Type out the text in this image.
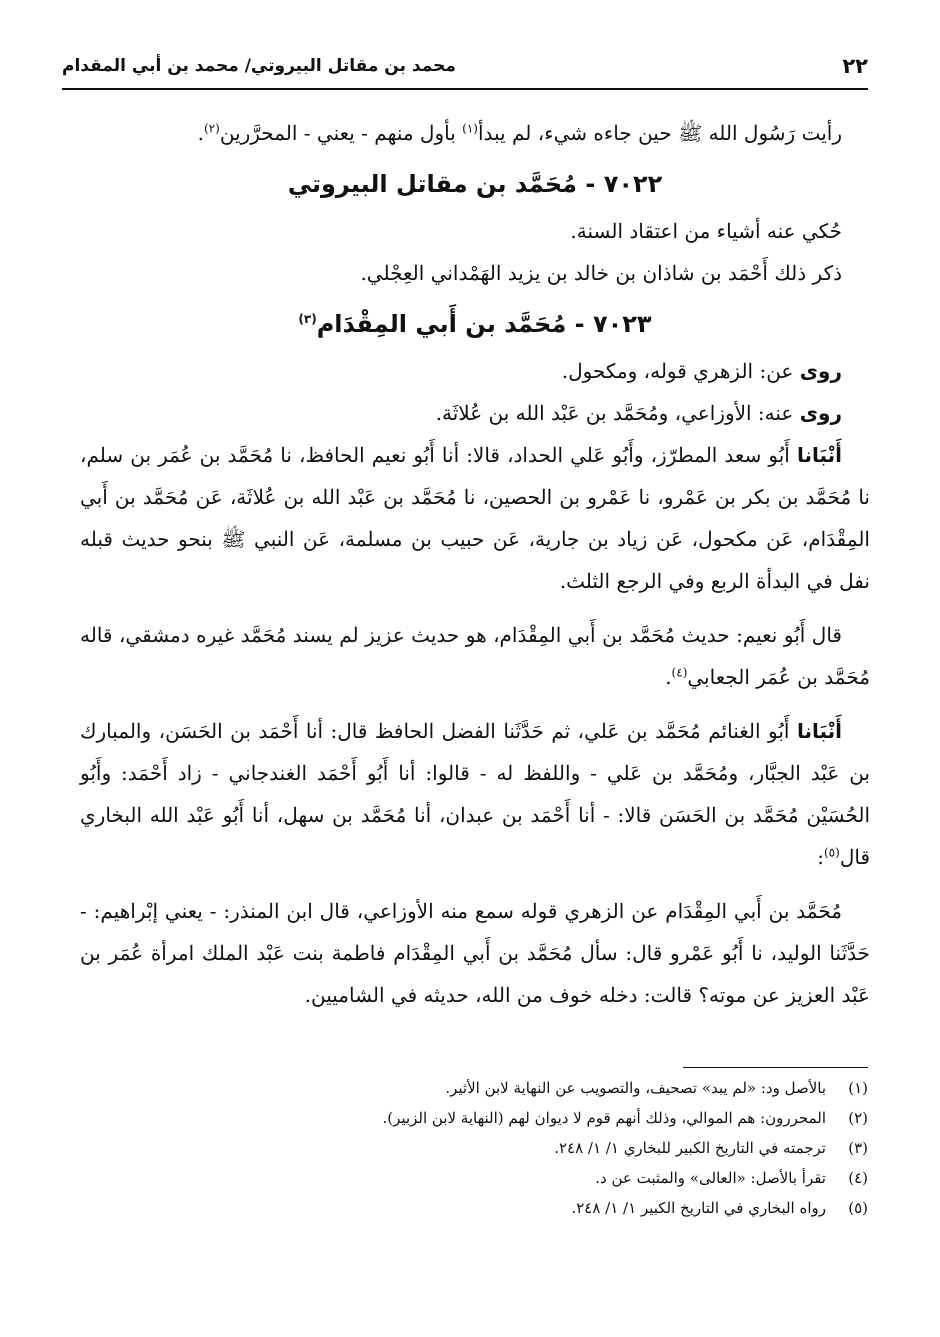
٢٢
محمد بن مقاتل البيروتي/ محمد بن أبي المقدام

رأيت رَسُول الله ﷺ حين جاءه شيء، لم يبدأ$^{(١)}$ بأول منهم - يعني - المحرَّرين$^{(٢)}$.

٧٠٢٢ - مُحَمَّد بن مقاتل البيروتي

حُكي عنه أشياء من اعتقاد السنة.

ذكر ذلك أَحْمَد بن شاذان بن خالد بن يزيد الهَمْداني العِجْلي.

٧٠٢٣ - مُحَمَّد بن أَبي المِقْدَام$^{(٣)}$

روى عن: الزهري قوله، ومكحول.

روى عنه: الأوزاعي، ومُحَمَّد بن عَبْد الله بن عُلاثَة.

أَنْبَانا أَبُو سعد المطرّز، وأَبُو عَلي الحداد، قالا: أنا أَبُو نعيم الحافظ، نا مُحَمَّد بن عُمَر بن سلم، نا مُحَمَّد بن بكر بن عَمْرو، نا عَمْرو بن الحصين، نا مُحَمَّد بن عَبْد الله بن عُلاثَة، عَن مُحَمَّد بن أَبي المِقْدَام، عَن مكحول، عَن زياد بن جارية، عَن حبيب بن مسلمة، عَن النبي ﷺ بنحو حديث قبله نفل في البدأة الربع وفي الرجع الثلث.

قال أَبُو نعيم: حديث مُحَمَّد بن أَبي المِقْدَام، هو حديث عزيز لم يسند مُحَمَّد غيره دمشقي، قاله مُحَمَّد بن عُمَر الجعابي$^{(٤)}$.

أَنْبَانا أَبُو الغنائم مُحَمَّد بن عَلي، ثم حَدَّثَنا الفضل الحافظ قال: أنا أَحْمَد بن الحَسَن، والمبارك بن عَبْد الجبَّار، ومُحَمَّد بن عَلي - واللفظ له - قالوا: أنا أَبُو أَحْمَد الغندجاني - زاد أَحْمَد: وأَبُو الحُسَيْن مُحَمَّد بن الحَسَن قالا: - أنا أَحْمَد بن عبدان، أنا مُحَمَّد بن سهل، أنا أَبُو عَبْد الله البخاري قال$^{(٥)}$:

مُحَمَّد بن أَبي المِقْدَام عن الزهري قوله سمع منه الأوزاعي، قال ابن المنذر: - يعني إبْراهيم: - حَدَّثَنا الوليد، نا أَبُو عَمْرو قال: سأل مُحَمَّد بن أَبي المِقْدَام فاطمة بنت عَبْد الملك امرأة عُمَر بن عَبْد العزيز عن موته؟ قالت: دخله خوف من الله، حديثه في الشاميين.

(١)
بالأصل ود: «لم يبد» تصحيف، والتصويب عن النهاية لابن الأثير.
(٢)
المحررون: هم الموالي، وذلك أنهم قوم لا ديوان لهم (النهاية لابن الزبير).
(٣)
ترجمته في التاريخ الكبير للبخاري ١/ ١/ ٢٤٨.
(٤)
تقرأ بالأصل: «العالى» والمثبت عن د.
(٥)
رواه البخاري في التاريخ الكبير ١/ ١/ ٢٤٨.
